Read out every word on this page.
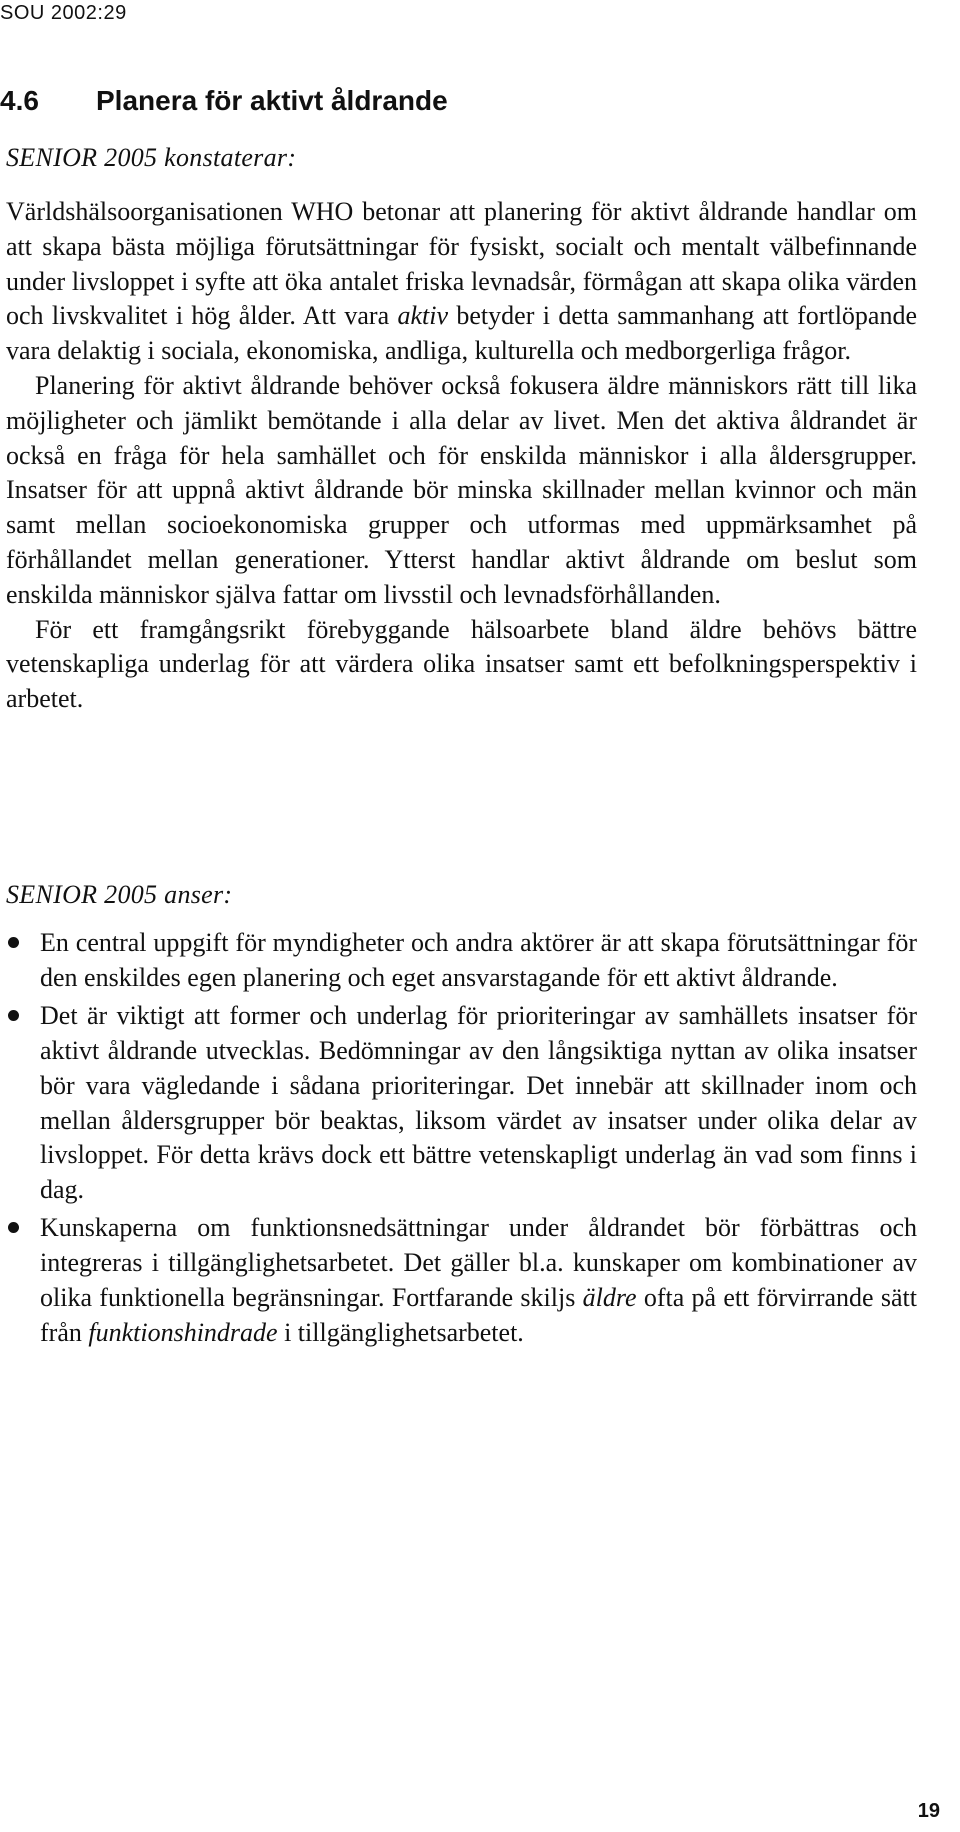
SOU 2002:29
4.6 Planera för aktivt åldrande
SENIOR 2005 konstaterar:

Världshälsoorganisationen WHO betonar att planering för aktivt åldrande handlar om att skapa bästa möjliga förutsättningar för fysiskt, socialt och mentalt välbefinnande under livsloppet i syfte att öka antalet friska levnadsår, förmågan att skapa olika värden och livskvalitet i hög ålder. Att vara aktiv betyder i detta sammanhang att fortlöpande vara delaktig i sociala, ekonomiska, andliga, kulturella och medborgerliga frågor.

Planering för aktivt åldrande behöver också fokusera äldre människors rätt till lika möjligheter och jämlikt bemötande i alla delar av livet. Men det aktiva åldrandet är också en fråga för hela samhället och för enskilda människor i alla åldersgrupper. Insatser för att uppnå aktivt åldrande bör minska skillnader mellan kvinnor och män samt mellan socioekonomiska grupper och utformas med uppmärksamhet på förhållandet mellan generationer. Ytterst handlar aktivt åldrande om beslut som enskilda människor själva fattar om livsstil och levnadsförhållanden.

För ett framgångsrikt förebyggande hälsoarbete bland äldre behövs bättre vetenskapliga underlag för att värdera olika insatser samt ett befolkningsperspektiv i arbetet.

SENIOR 2005 anser:
En central uppgift för myndigheter och andra aktörer är att skapa förutsättningar för den enskildes egen planering och eget ansvarstagande för ett aktivt åldrande.
Det är viktigt att former och underlag för prioriteringar av samhällets insatser för aktivt åldrande utvecklas. Bedömningar av den långsiktiga nyttan av olika insatser bör vara vägledande i sådana prioriteringar. Det innebär att skillnader inom och mellan åldersgrupper bör beaktas, liksom värdet av insatser under olika delar av livsloppet. För detta krävs dock ett bättre vetenskapligt underlag än vad som finns i dag.
Kunskaperna om funktionsnedsättningar under åldrandet bör förbättras och integreras i tillgänglighetsarbetet. Det gäller bl.a. kunskaper om kombinationer av olika funktionella begränsningar. Fortfarande skiljs äldre ofta på ett förvirrande sätt från funktionshindrade i tillgänglighetsarbetet.
19
